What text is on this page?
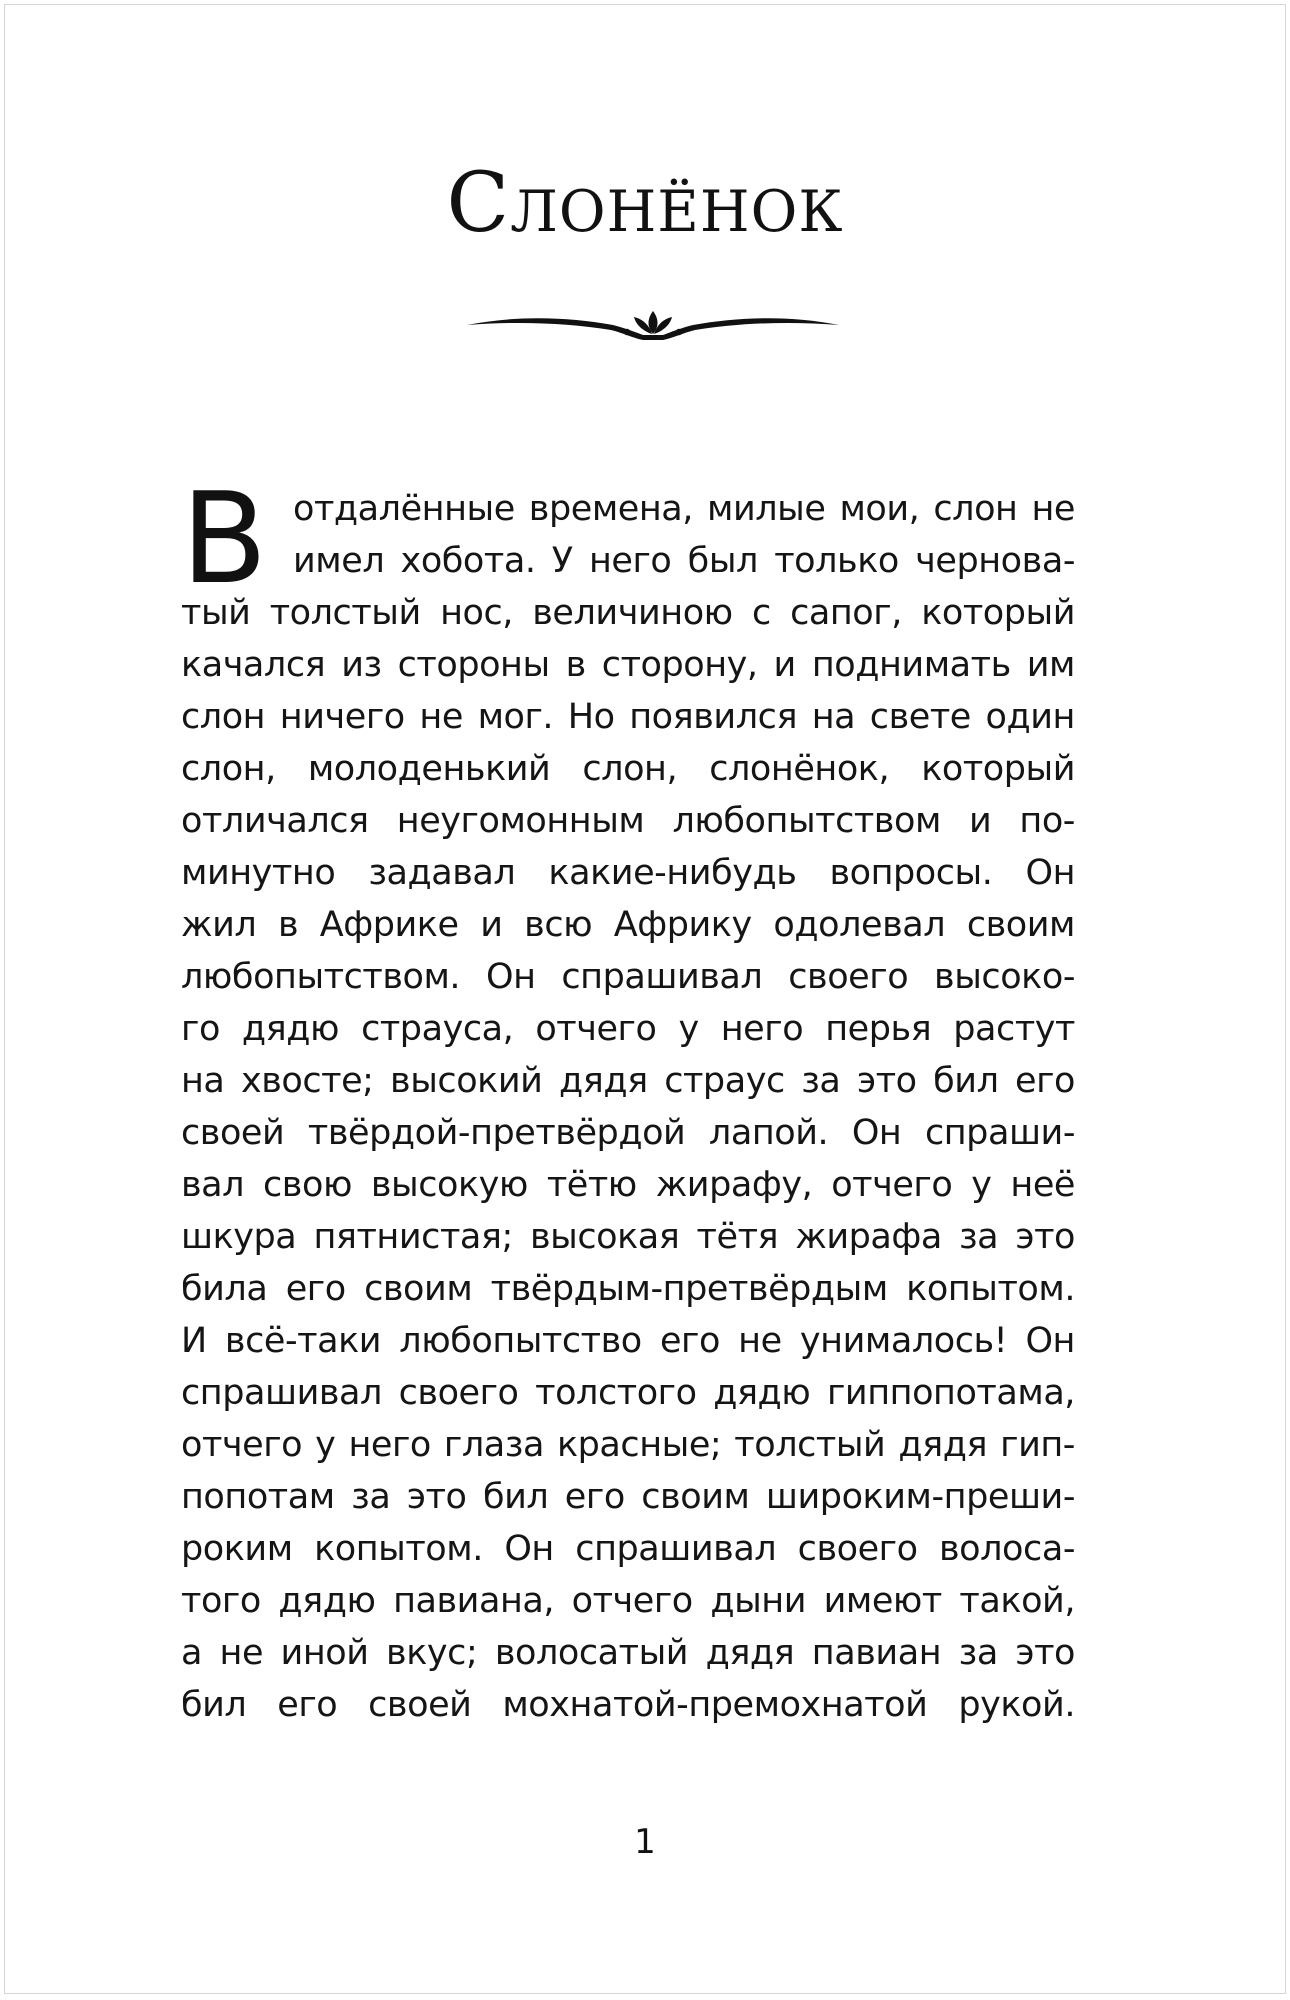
Слонёнок
В отдалённые времена, милые мои, слон не
имел хобота. У него был только чернова-
тый толстый нос, величиною с сапог, который
качался из стороны в сторону, и поднимать им
слон ничего не мог. Но появился на свете один
слон, молоденький слон, слонёнок, который
отличался неугомонным любопытством и по-
минутно задавал какие-нибудь вопросы. Он
жил в Африке и всю Африку одолевал своим
любопытством. Он спрашивал своего высоко-
го дядю страуса, отчего у него перья растут
на хвосте; высокий дядя страус за это бил его
своей твёрдой-претвёрдой лапой. Он спраши-
вал свою высокую тётю жирафу, отчего у неё
шкура пятнистая; высокая тётя жирафа за это
била его своим твёрдым-претвёрдым копытом.
И всё-таки любопытство его не унималось! Он
спрашивал своего толстого дядю гиппопотама,
отчего у него глаза красные; толстый дядя гип-
попотам за это бил его своим широким-преши-
роким копытом. Он спрашивал своего волоса-
того дядю павиана, отчего дыни имеют такой,
а не иной вкус; волосатый дядя павиан за это
бил его своей мохнатой-премохнатой рукой.
1
